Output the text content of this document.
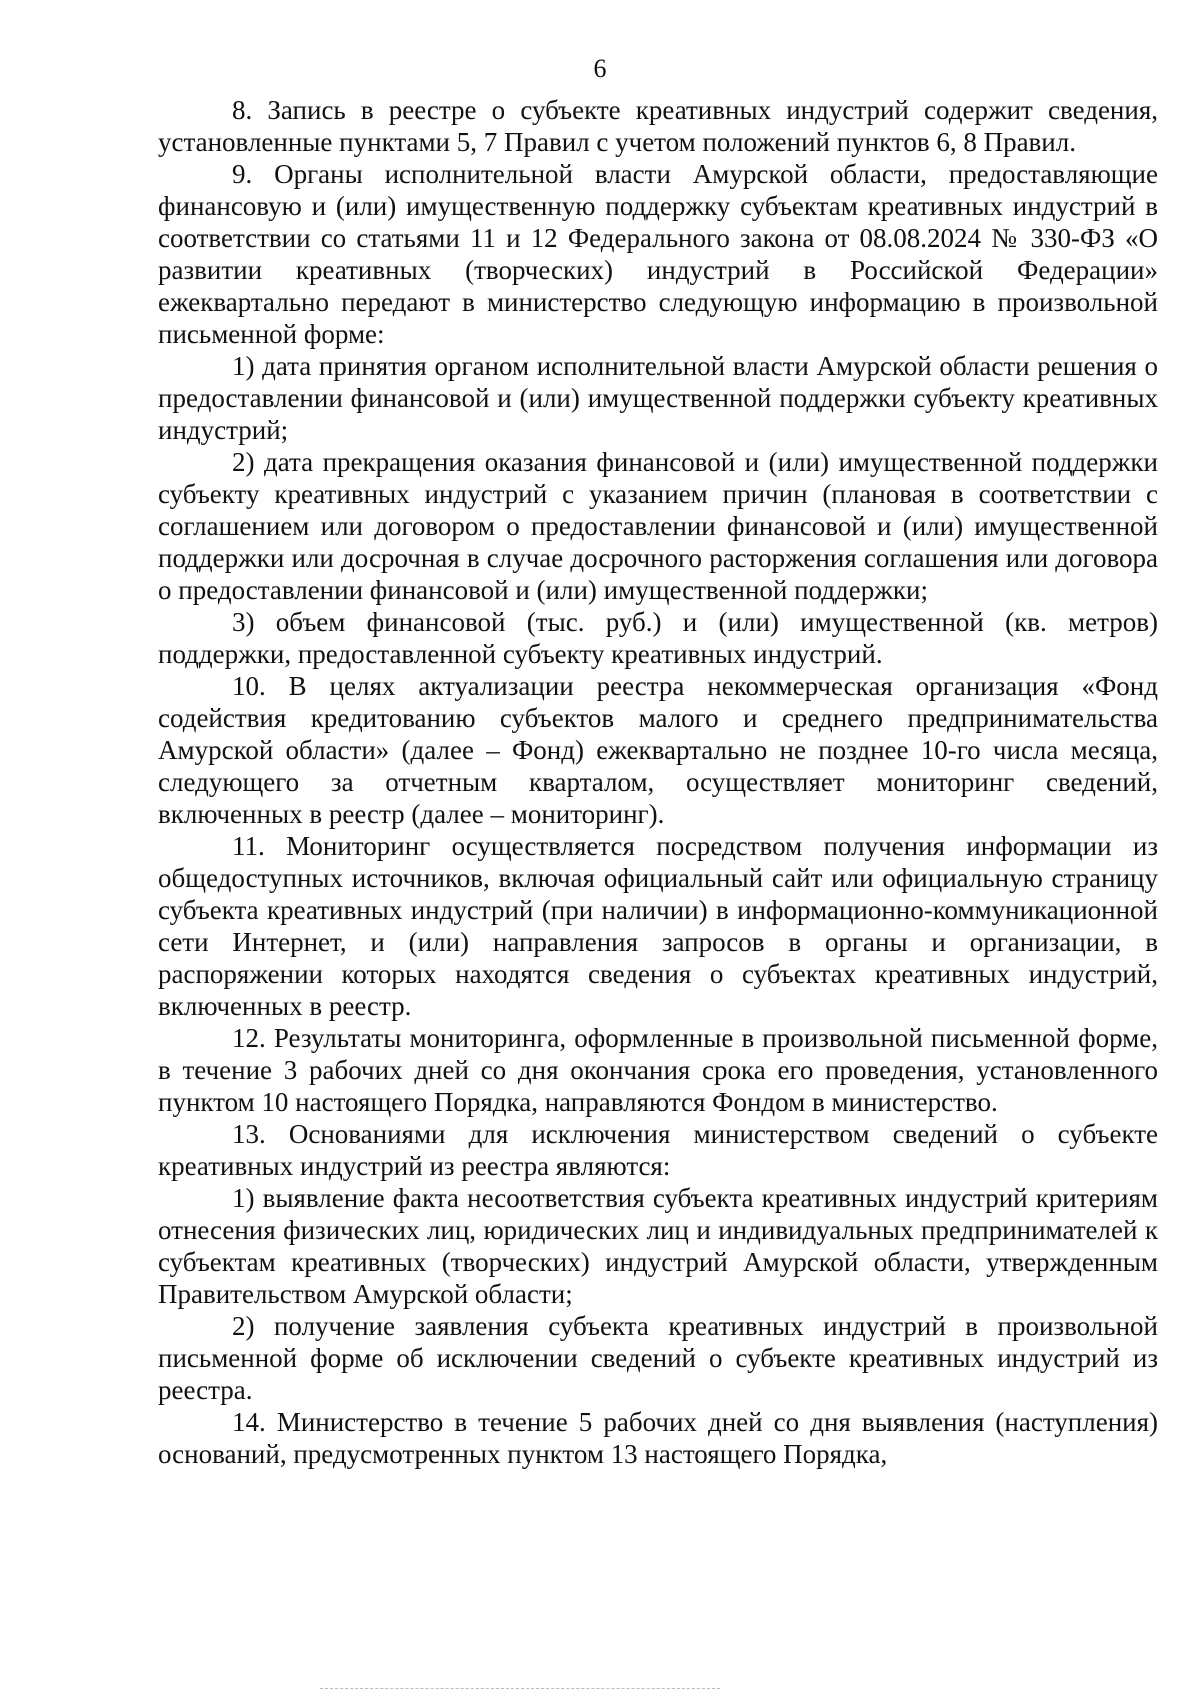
6

8. Запись в реестре о субъекте креативных индустрий содержит сведения, установленные пунктами 5, 7 Правил с учетом положений пунктов 6, 8 Правил.

9. Органы исполнительной власти Амурской области, предоставляющие финансовую и (или) имущественную поддержку субъектам креативных индустрий в соответствии со статьями 11 и 12 Федерального закона от 08.08.2024 № 330-ФЗ «О развитии креативных (творческих) индустрий в Российской Федерации» ежеквартально передают в министерство следующую информацию в произвольной письменной форме:

1) дата принятия органом исполнительной власти Амурской области решения о предоставлении финансовой и (или) имущественной поддержки субъекту креативных индустрий;

2) дата прекращения оказания финансовой и (или) имущественной поддержки субъекту креативных индустрий с указанием причин (плановая в соответствии с соглашением или договором о предоставлении финансовой и (или) имущественной поддержки или досрочная в случае досрочного расторжения соглашения или договора о предоставлении финансовой и (или) имущественной поддержки;

3) объем финансовой (тыс. руб.) и (или) имущественной (кв. метров) поддержки, предоставленной субъекту креативных индустрий.

10. В целях актуализации реестра некоммерческая организация «Фонд содействия кредитованию субъектов малого и среднего предпринимательства Амурской области» (далее – Фонд) ежеквартально не позднее 10-го числа месяца, следующего за отчетным кварталом, осуществляет мониторинг сведений, включенных в реестр (далее – мониторинг).

11. Мониторинг осуществляется посредством получения информации из общедоступных источников, включая официальный сайт или официальную страницу субъекта креативных индустрий (при наличии) в информационно-коммуникационной сети Интернет, и (или) направления запросов в органы и организации, в распоряжении которых находятся сведения о субъектах креативных индустрий, включенных в реестр.

12. Результаты мониторинга, оформленные в произвольной письменной форме, в течение 3 рабочих дней со дня окончания срока его проведения, установленного пунктом 10 настоящего Порядка, направляются Фондом в министерство.

13. Основаниями для исключения министерством сведений о субъекте креативных индустрий из реестра являются:

1) выявление факта несоответствия субъекта креативных индустрий критериям отнесения физических лиц, юридических лиц и индивидуальных предпринимателей к субъектам креативных (творческих) индустрий Амурской области, утвержденным Правительством Амурской области;

2) получение заявления субъекта креативных индустрий в произвольной письменной форме об исключении сведений о субъекте креативных индустрий из реестра.

14. Министерство в течение 5 рабочих дней со дня выявления (наступления) оснований, предусмотренных пунктом 13 настоящего Порядка,
